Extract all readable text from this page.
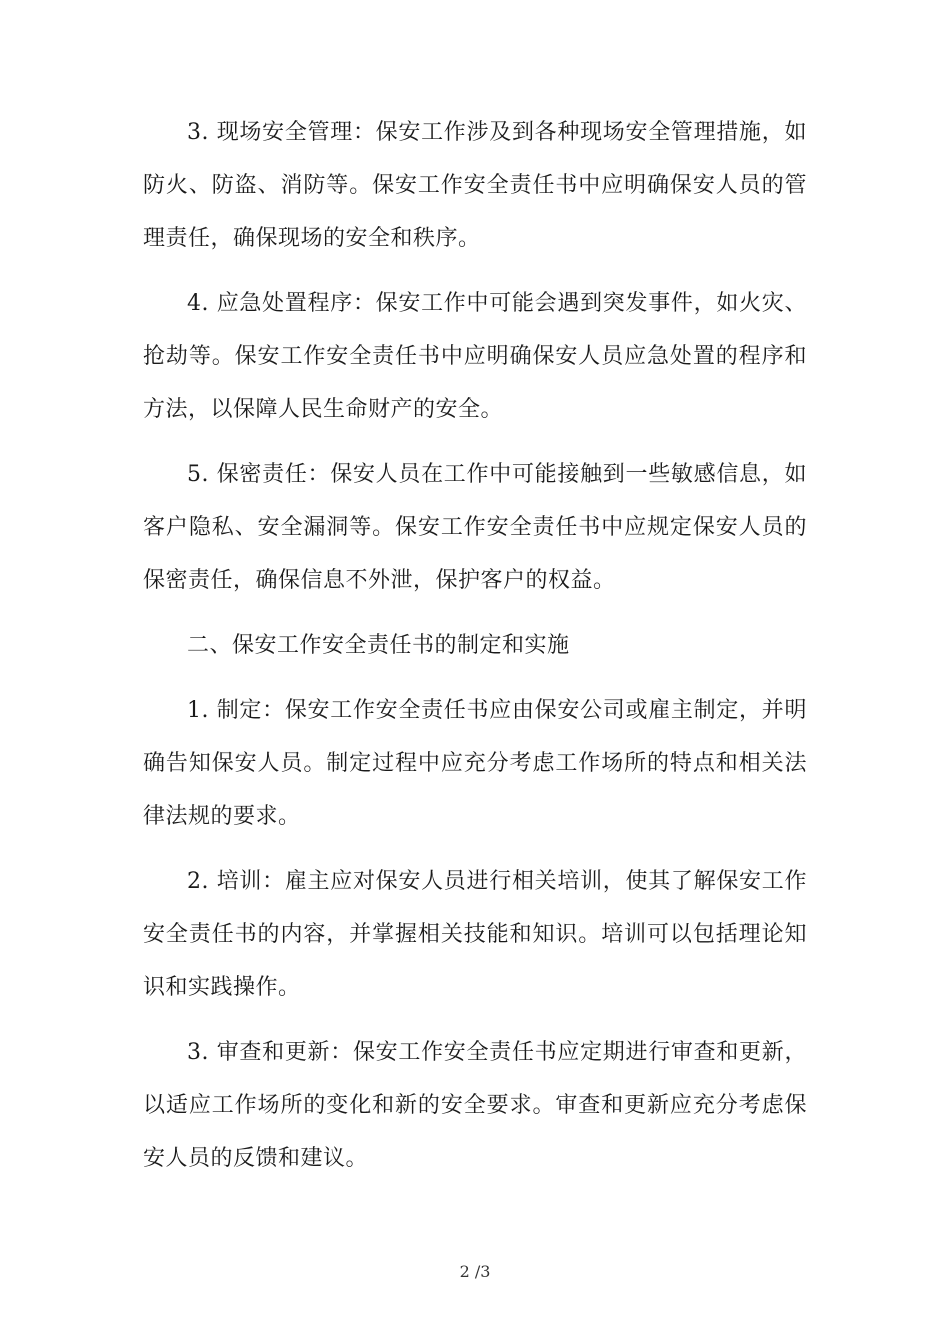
3. 现场安全管理：保安工作涉及到各种现场安全管理措施，如防火、防盗、消防等。保安工作安全责任书中应明确保安人员的管理责任，确保现场的安全和秩序。

4. 应急处置程序：保安工作中可能会遇到突发事件，如火灾、抢劫等。保安工作安全责任书中应明确保安人员应急处置的程序和方法，以保障人民生命财产的安全。

5. 保密责任：保安人员在工作中可能接触到一些敏感信息，如客户隐私、安全漏洞等。保安工作安全责任书中应规定保安人员的保密责任，确保信息不外泄，保护客户的权益。

二、保安工作安全责任书的制定和实施

1. 制定：保安工作安全责任书应由保安公司或雇主制定，并明确告知保安人员。制定过程中应充分考虑工作场所的特点和相关法律法规的要求。

2. 培训：雇主应对保安人员进行相关培训，使其了解保安工作安全责任书的内容，并掌握相关技能和知识。培训可以包括理论知识和实践操作。

3. 审查和更新：保安工作安全责任书应定期进行审查和更新，以适应工作场所的变化和新的安全要求。审查和更新应充分考虑保安人员的反馈和建议。

2 /3
